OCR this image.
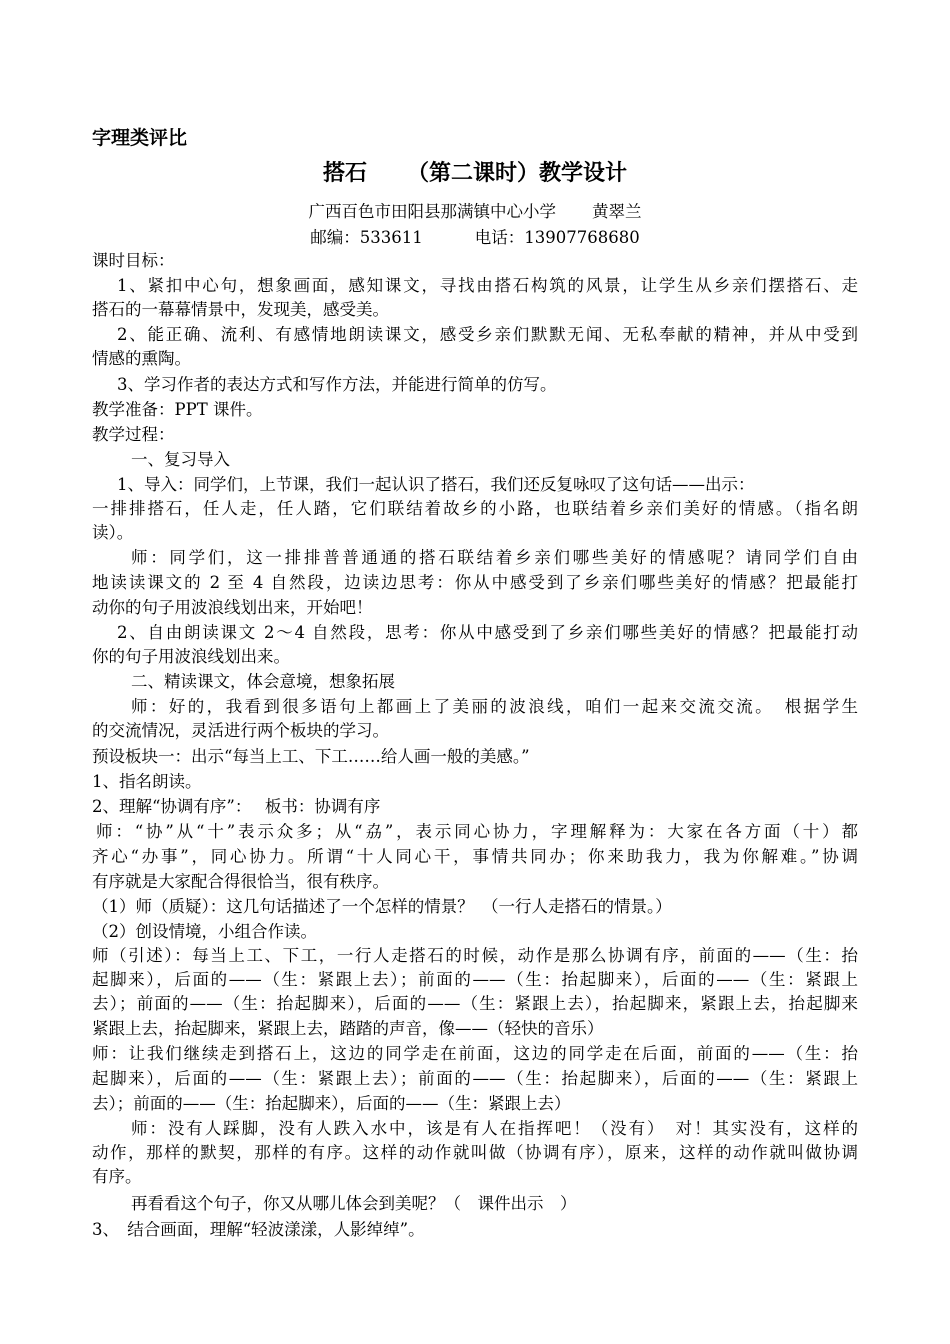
字理类评比
搭石 （第二课时）教学设计
广西百色市田阳县那满镇中心小学 黄翠兰
邮编：533611	电话：13907768680
课时目标：
1、紧扣中心句，想象画面，感知课文，寻找由搭石构筑的风景，让学生从乡亲们摆搭石、走
搭石的一幕幕情景中，发现美，感受美。
2、能正确、流利、有感情地朗读课文，感受乡亲们默默无闻、无私奉献的精神，并从中受到
情感的熏陶。
3、学习作者的表达方式和写作方法，并能进行简单的仿写。
教学准备：PPT 课件。
教学过程：
一、复习导入
1、导入：同学们，上节课，我们一起认识了搭石，我们还反复咏叹了这句话——出示：
一排排搭石，任人走，任人踏，它们联结着故乡的小路，也联结着乡亲们美好的情感。（指名朗
读）。
师：同学们，这一排排普普通通的搭石联结着乡亲们哪些美好的情感呢？请同学们自由
地读读课文的 2 至 4 自然段，边读边思考：你从中感受到了乡亲们哪些美好的情感？把最能打
动你的句子用波浪线划出来，开始吧！
2、自由朗读课文 2～4 自然段，思考：你从中感受到了乡亲们哪些美好的情感？把最能打动
你的句子用波浪线划出来。
二、精读课文，体会意境，想象拓展
师：好的，我看到很多语句上都画上了美丽的波浪线，咱们一起来交流交流。　根据学生
的交流情况，灵活进行两个板块的学习。
预设板块一：出示“每当上工、下工……给人画一般的美感。”
1、指名朗读。
2、理解“协调有序”：　 板书：协调有序
师：“协”从“十”表示众多；从“劦”，表示同心协力，字理解释为：大家在各方面（十）都
齐心“办事”，同心协力。所谓“十人同心干，事情共同办；你来助我力，我为你解难。”协调
有序就是大家配合得很恰当，很有秩序。
（1）师（质疑）：这几句话描述了一个怎样的情景？　（一行人走搭石的情景。）
（2）创设情境，小组合作读。
师（引述）：每当上工、下工，一行人走搭石的时候，动作是那么协调有序，前面的——（生：抬
起脚来），后面的——（生：紧跟上去）；前面的——（生：抬起脚来），后面的——（生：紧跟上
去）；前面的——（生：抬起脚来），后面的——（生：紧跟上去），抬起脚来，紧跟上去，抬起脚来
紧跟上去，抬起脚来，紧跟上去，踏踏的声音，像——（轻快的音乐）
师：让我们继续走到搭石上，这边的同学走在前面，这边的同学走在后面，前面的——（生：抬
起脚来），后面的——（生：紧跟上去）；前面的——（生：抬起脚来），后面的——（生：紧跟上
去）；前面的——（生：抬起脚来），后面的——（生：紧跟上去）
师：没有人踩脚，没有人跌入水中，该是有人在指挥吧！（没有）　对！其实没有，这样的
动作，那样的默契，那样的有序。这样的动作就叫做（协调有序），原来，这样的动作就叫做协调
有序。
再看看这个句子，你又从哪儿体会到美呢？（　课件出示　）
3、　结合画面，理解“轻波漾漾，人影绰绰”。
